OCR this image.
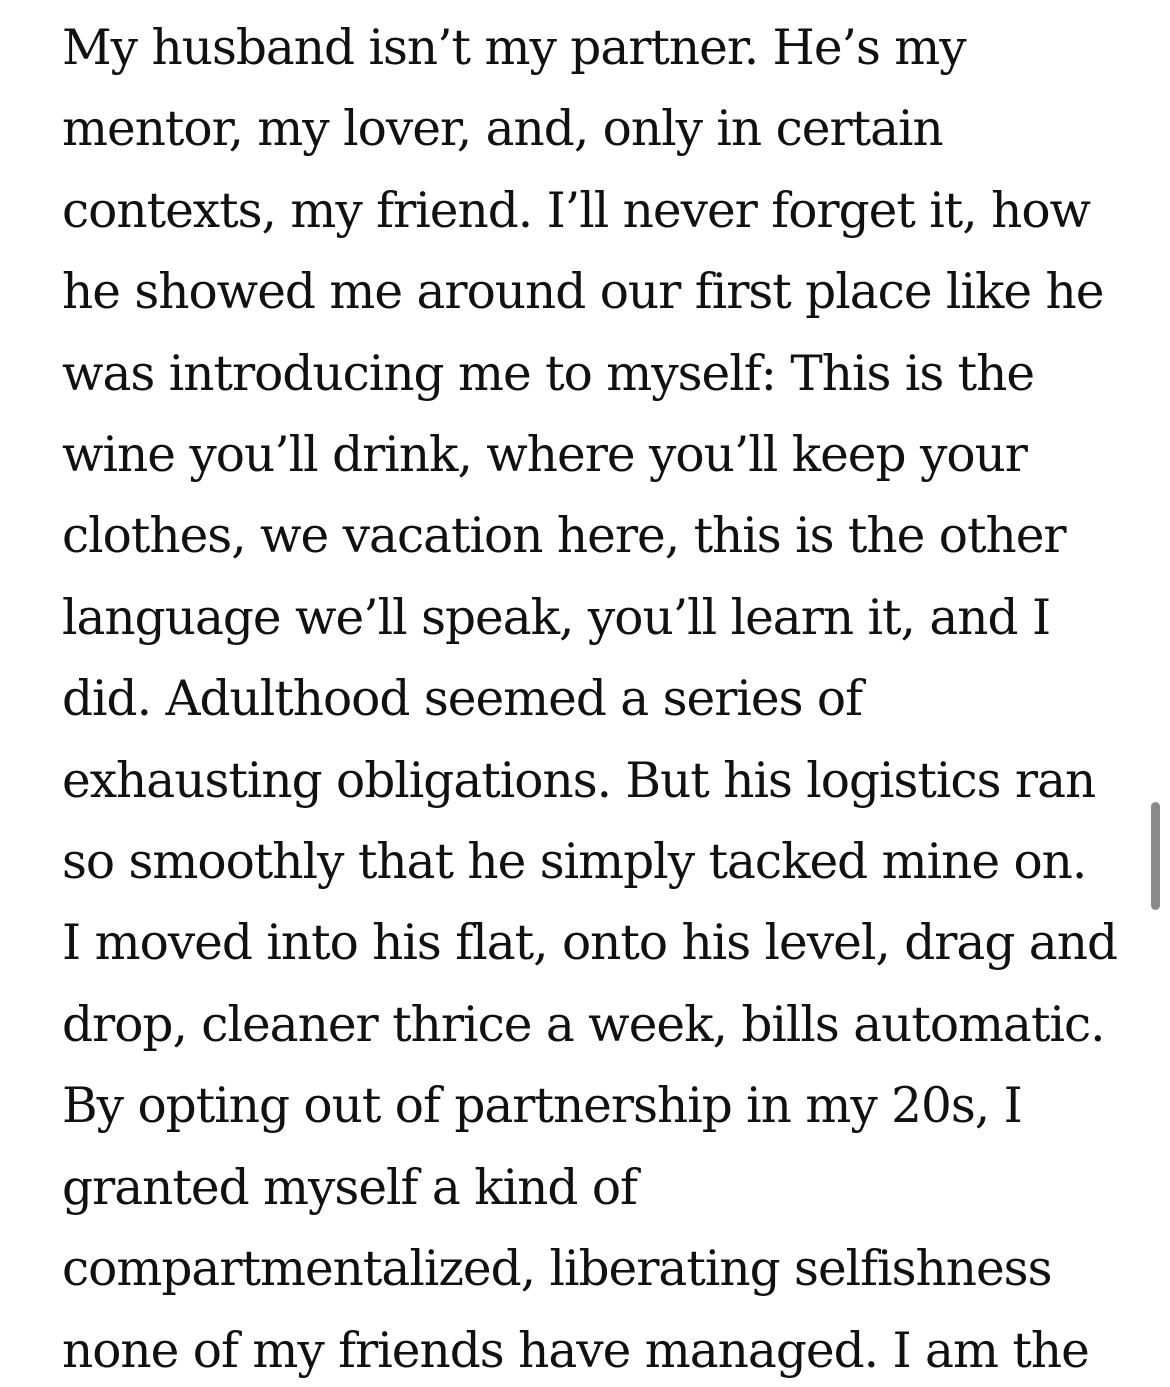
My husband isn’t my partner. He’s my
mentor, my lover, and, only in certain
contexts, my friend. I’ll never forget it, how
he showed me around our first place like he
was introducing me to myself: This is the
wine you’ll drink, where you’ll keep your
clothes, we vacation here, this is the other
language we’ll speak, you’ll learn it, and I
did. Adulthood seemed a series of
exhausting obligations. But his logistics ran
so smoothly that he simply tacked mine on.
I moved into his flat, onto his level, drag and
drop, cleaner thrice a week, bills automatic.
By opting out of partnership in my 20s, I
granted myself a kind of
compartmentalized, liberating selfishness
none of my friends have managed. I am the
